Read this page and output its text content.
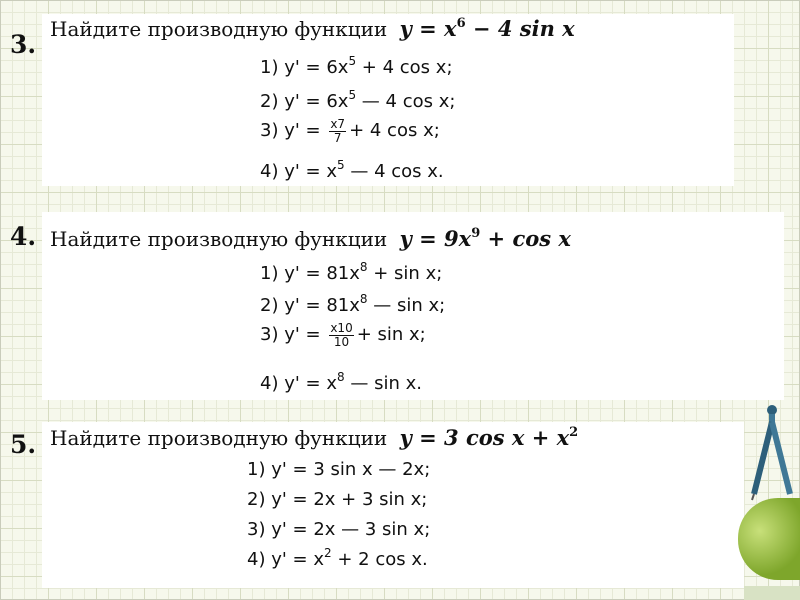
3.
Найдите производную функции $y = x^6 - 4$ sin x
1) $y' = 6x^5 + 4$ cos x;
2) $y' = 6x^5$ — 4 cos x;
3) $y' = \frac{x7}{7} + 4$ cos x;
4) $y' = x^5$ — 4 cos x.
4. Найдите производную функции $y = 9x^9 + \cos x$
1) $y' = 81x^8 + \sin x$;
2) $y' = 81x^8$ — sin x;
3) $y' = \frac{x10}{10} + \sin x$;
4) $y' = x^8$ — sin x.
5. Найдите производную функции y = 3 $\cos x + x^2$
1) y' = 3 sin x — 2x;
2) y' = 2x + 3 sin x;
3) y' = 2x — 3 sin x;
4) $y' = x^2 + 2$ cos x.
